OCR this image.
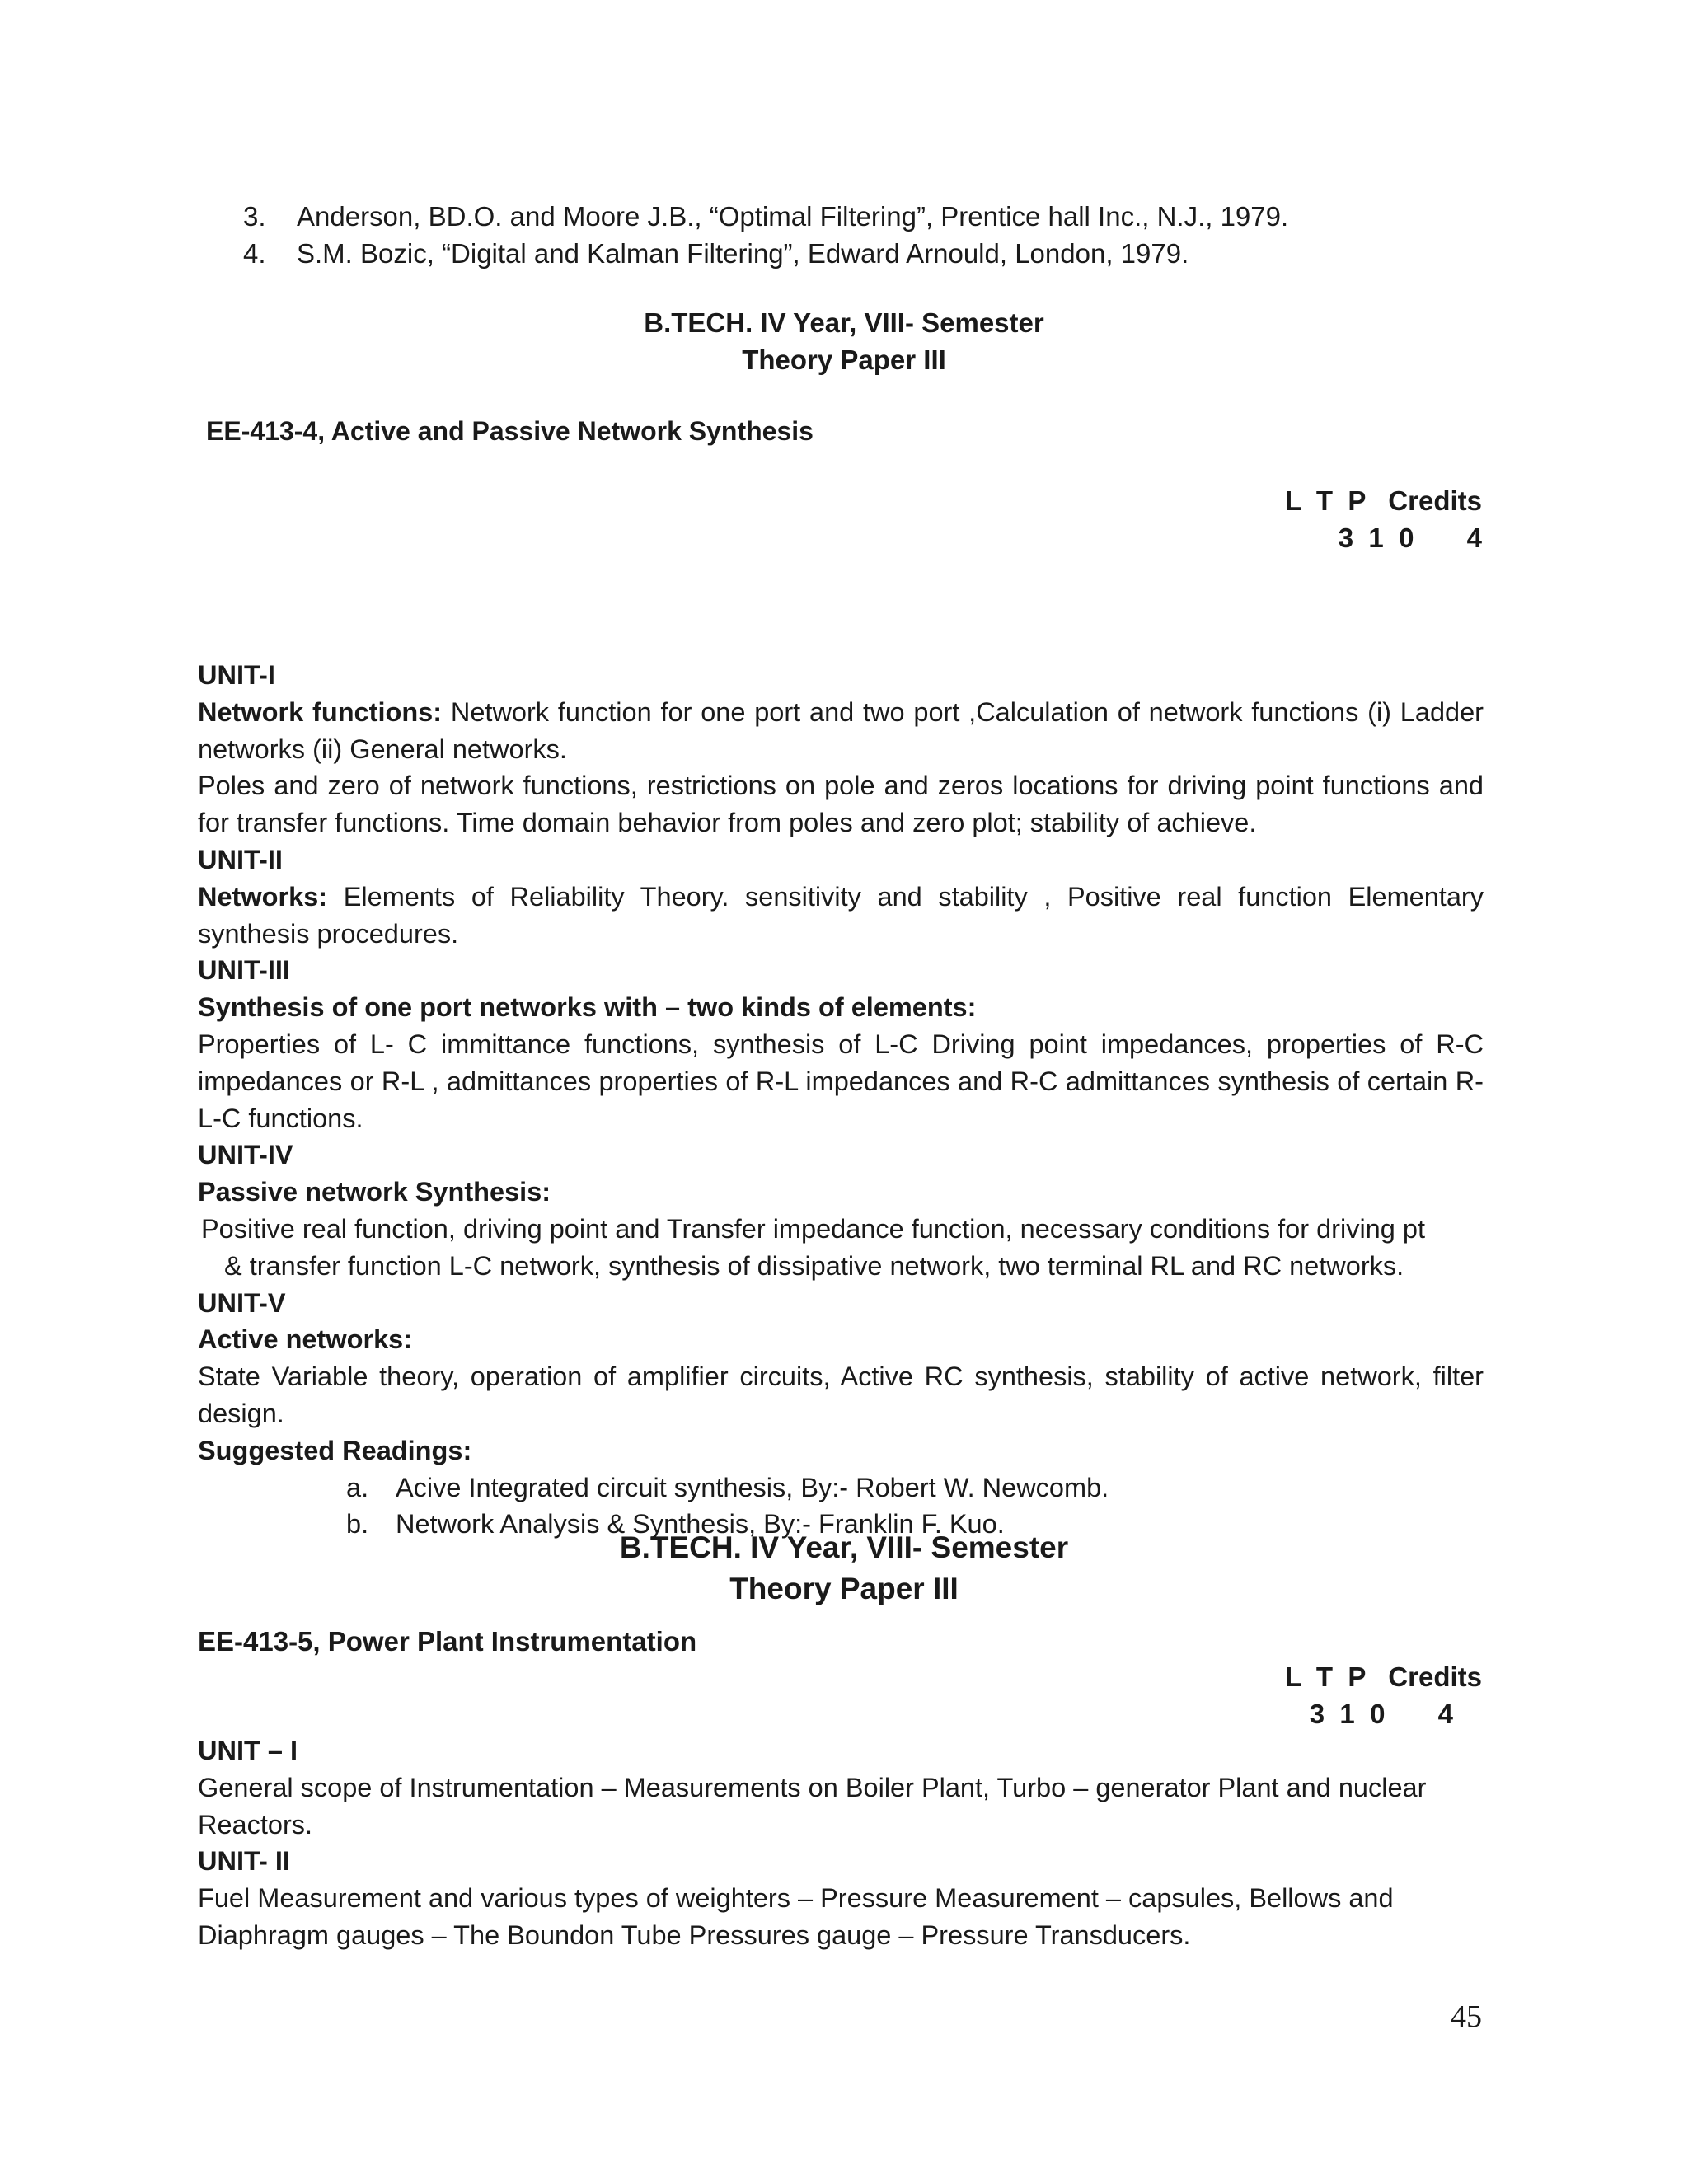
3.	Anderson, BD.O. and Moore J.B., “Optimal Filtering”, Prentice hall Inc., N.J., 1979.
4.	S.M. Bozic, “Digital and Kalman Filtering”, Edward Arnould, London, 1979.
B.TECH. IV Year, VIII- Semester
Theory Paper III
EE-413-4, Active and Passive Network Synthesis
L  T  P   Credits
3  1  0       4
UNIT-I

Network functions: Network function for one port and two port ,Calculation of network functions (i) Ladder networks (ii) General networks.

Poles and zero of network functions, restrictions on pole and zeros locations for driving point functions and for transfer functions. Time domain behavior from poles and zero plot; stability of achieve.

UNIT-II

Networks: Elements of Reliability Theory. sensitivity and stability , Positive real function Elementary synthesis procedures.

UNIT-III
Synthesis of one port networks with – two kinds of elements:

Properties of L- C immittance functions, synthesis of L-C Driving point impedances, properties of R-C impedances or R-L , admittances properties of R-L impedances and R-C admittances synthesis of certain R-L-C functions.

UNIT-IV
Passive network Synthesis:
Positive real function, driving point and Transfer impedance function, necessary conditions for driving pt
& transfer function L-C network, synthesis of dissipative network, two terminal RL and RC networks.
UNIT-V
Active networks:

State Variable theory, operation of amplifier circuits, Active RC synthesis, stability of active network, filter design.

Suggested Readings:
a.	Acive Integrated circuit synthesis, By:- Robert W. Newcomb.
b.	Network Analysis & Synthesis, By:- Franklin F. Kuo.
B.TECH. IV Year, VIII- Semester
Theory Paper III
EE-413-5, Power Plant Instrumentation
L  T  P   Credits
3  1  0       4
UNIT – I
General scope of Instrumentation – Measurements on Boiler Plant, Turbo – generator Plant and nuclear Reactors.
UNIT- II
Fuel Measurement and various types of weighters – Pressure Measurement – capsules, Bellows and Diaphragm gauges – The Boundon Tube Pressures gauge – Pressure Transducers.
45
